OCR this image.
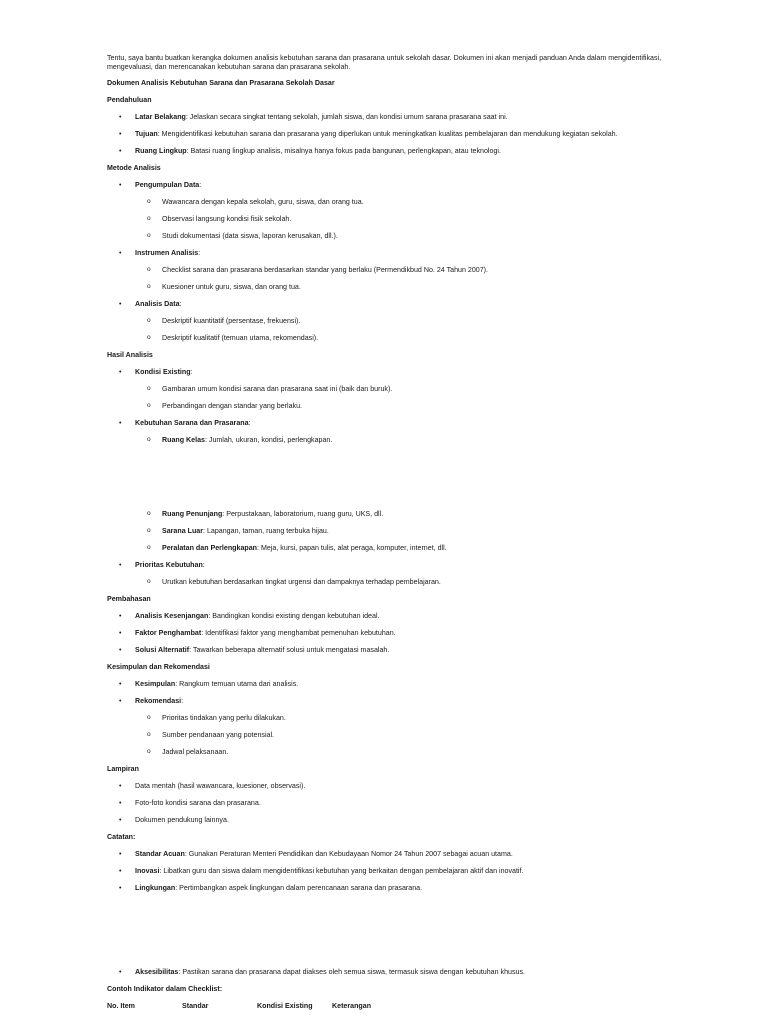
Tentu, saya bantu buatkan kerangka dokumen analisis kebutuhan sarana dan prasarana untuk sekolah dasar. Dokumen ini akan menjadi panduan Anda dalam mengidentifikasi, mengevaluasi, dan merencanakan kebutuhan sarana dan prasarana sekolah.

Dokumen Analisis Kebutuhan Sarana dan Prasarana Sekolah Dasar
Pendahuluan
• Latar Belakang: Jelaskan secara singkat tentang sekolah, jumlah siswa, dan kondisi umum sarana prasarana saat ini.
• Tujuan: Mengidentifikasi kebutuhan sarana dan prasarana yang diperlukan untuk meningkatkan kualitas pembelajaran dan mendukung kegiatan sekolah.
• Ruang Lingkup: Batasi ruang lingkup analisis, misalnya hanya fokus pada bangunan, perlengkapan, atau teknologi.
Metode Analisis
• Pengumpulan Data:
o Wawancara dengan kepala sekolah, guru, siswa, dan orang tua.
o Observasi langsung kondisi fisik sekolah.
o Studi dokumentasi (data siswa, laporan kerusakan, dll.).
• Instrumen Analisis:
o Checklist sarana dan prasarana berdasarkan standar yang berlaku (Permendikbud No. 24 Tahun 2007).
o Kuesioner untuk guru, siswa, dan orang tua.
• Analisis Data:
o Deskriptif kuantitatif (persentase, frekuensi).
o Deskriptif kualitatif (temuan utama, rekomendasi).
Hasil Analisis
• Kondisi Existing:
o Gambaran umum kondisi sarana dan prasarana saat ini (baik dan buruk).
o Perbandingan dengan standar yang berlaku.
• Kebutuhan Sarana dan Prasarana:
o Ruang Kelas: Jumlah, ukuran, kondisi, perlengkapan.
o Ruang Penunjang: Perpustakaan, laboratorium, ruang guru, UKS, dll.
o Sarana Luar: Lapangan, taman, ruang terbuka hijau.
o Peralatan dan Perlengkapan: Meja, kursi, papan tulis, alat peraga, komputer, internet, dll.
• Prioritas Kebutuhan:
o Urutkan kebutuhan berdasarkan tingkat urgensi dan dampaknya terhadap pembelajaran.
Pembahasan
• Analisis Kesenjangan: Bandingkan kondisi existing dengan kebutuhan ideal.
• Faktor Penghambat: Identifikasi faktor yang menghambat pemenuhan kebutuhan.
• Solusi Alternatif: Tawarkan beberapa alternatif solusi untuk mengatasi masalah.
Kesimpulan dan Rekomendasi
• Kesimpulan: Rangkum temuan utama dari analisis.
• Rekomendasi:
o Prioritas tindakan yang perlu dilakukan.
o Sumber pendanaan yang potensial.
o Jadwal pelaksanaan.
Lampiran
• Data mentah (hasil wawancara, kuesioner, observasi).
• Foto-foto kondisi sarana dan prasarana.
• Dokumen pendukung lainnya.
Catatan:
• Standar Acuan: Gunakan Peraturan Menteri Pendidikan dan Kebudayaan Nomor 24 Tahun 2007 sebagai acuan utama.
• Inovasi: Libatkan guru dan siswa dalam mengidentifikasi kebutuhan yang berkaitan dengan pembelajaran aktif dan inovatif.
• Lingkungan: Pertimbangkan aspek lingkungan dalam perencanaan sarana dan prasarana.
• Aksesibilitas: Pastikan sarana dan prasarana dapat diakses oleh semua siswa, termasuk siswa dengan kebutuhan khusus.
Contoh Indikator dalam Checklist:
No. Item	Standar	Kondisi Existing	Keterangan
